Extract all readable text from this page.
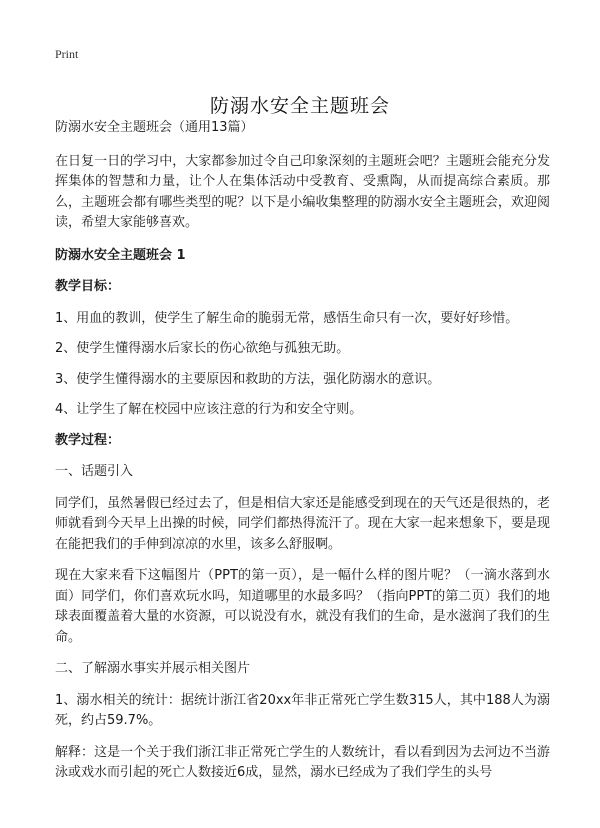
Print
防溺水安全主题班会

防溺水安全主题班会（通用13篇）

在日复一日的学习中，大家都参加过令自己印象深刻的主题班会吧？主题班会能充分发挥集体的智慧和力量，让个人在集体活动中受教育、受熏陶，从而提高综合素质。那么，主题班会都有哪些类型的呢？以下是小编收集整理的防溺水安全主题班会，欢迎阅读，希望大家能够喜欢。

防溺水安全主题班会 1

教学目标：

1、用血的教训，使学生了解生命的脆弱无常，感悟生命只有一次，要好好珍惜。

2、使学生懂得溺水后家长的伤心欲绝与孤独无助。

3、使学生懂得溺水的主要原因和救助的方法，强化防溺水的意识。

4、让学生了解在校园中应该注意的行为和安全守则。

教学过程：

一、话题引入

同学们，虽然暑假已经过去了，但是相信大家还是能感受到现在的天气还是很热的，老师就看到今天早上出操的时候，同学们都热得流汗了。现在大家一起来想象下，要是现在能把我们的手伸到凉凉的水里，该多么舒服啊。

现在大家来看下这幅图片（PPT的第一页），是一幅什么样的图片呢？（一滴水落到水面）同学们，你们喜欢玩水吗，知道哪里的水最多吗？（指向PPT的第二页）我们的地球表面覆盖着大量的水资源，可以说没有水，就没有我们的生命，是水滋润了我们的生命。

二、了解溺水事实并展示相关图片

1、溺水相关的统计：据统计浙江省20xx年非正常死亡学生数315人，其中188人为溺死，约占59.7%。

解释：这是一个关于我们浙江非正常死亡学生的人数统计，看以看到因为去河边不当游泳或戏水而引起的死亡人数接近6成，显然，溺水已经成为了我们学生的头号
